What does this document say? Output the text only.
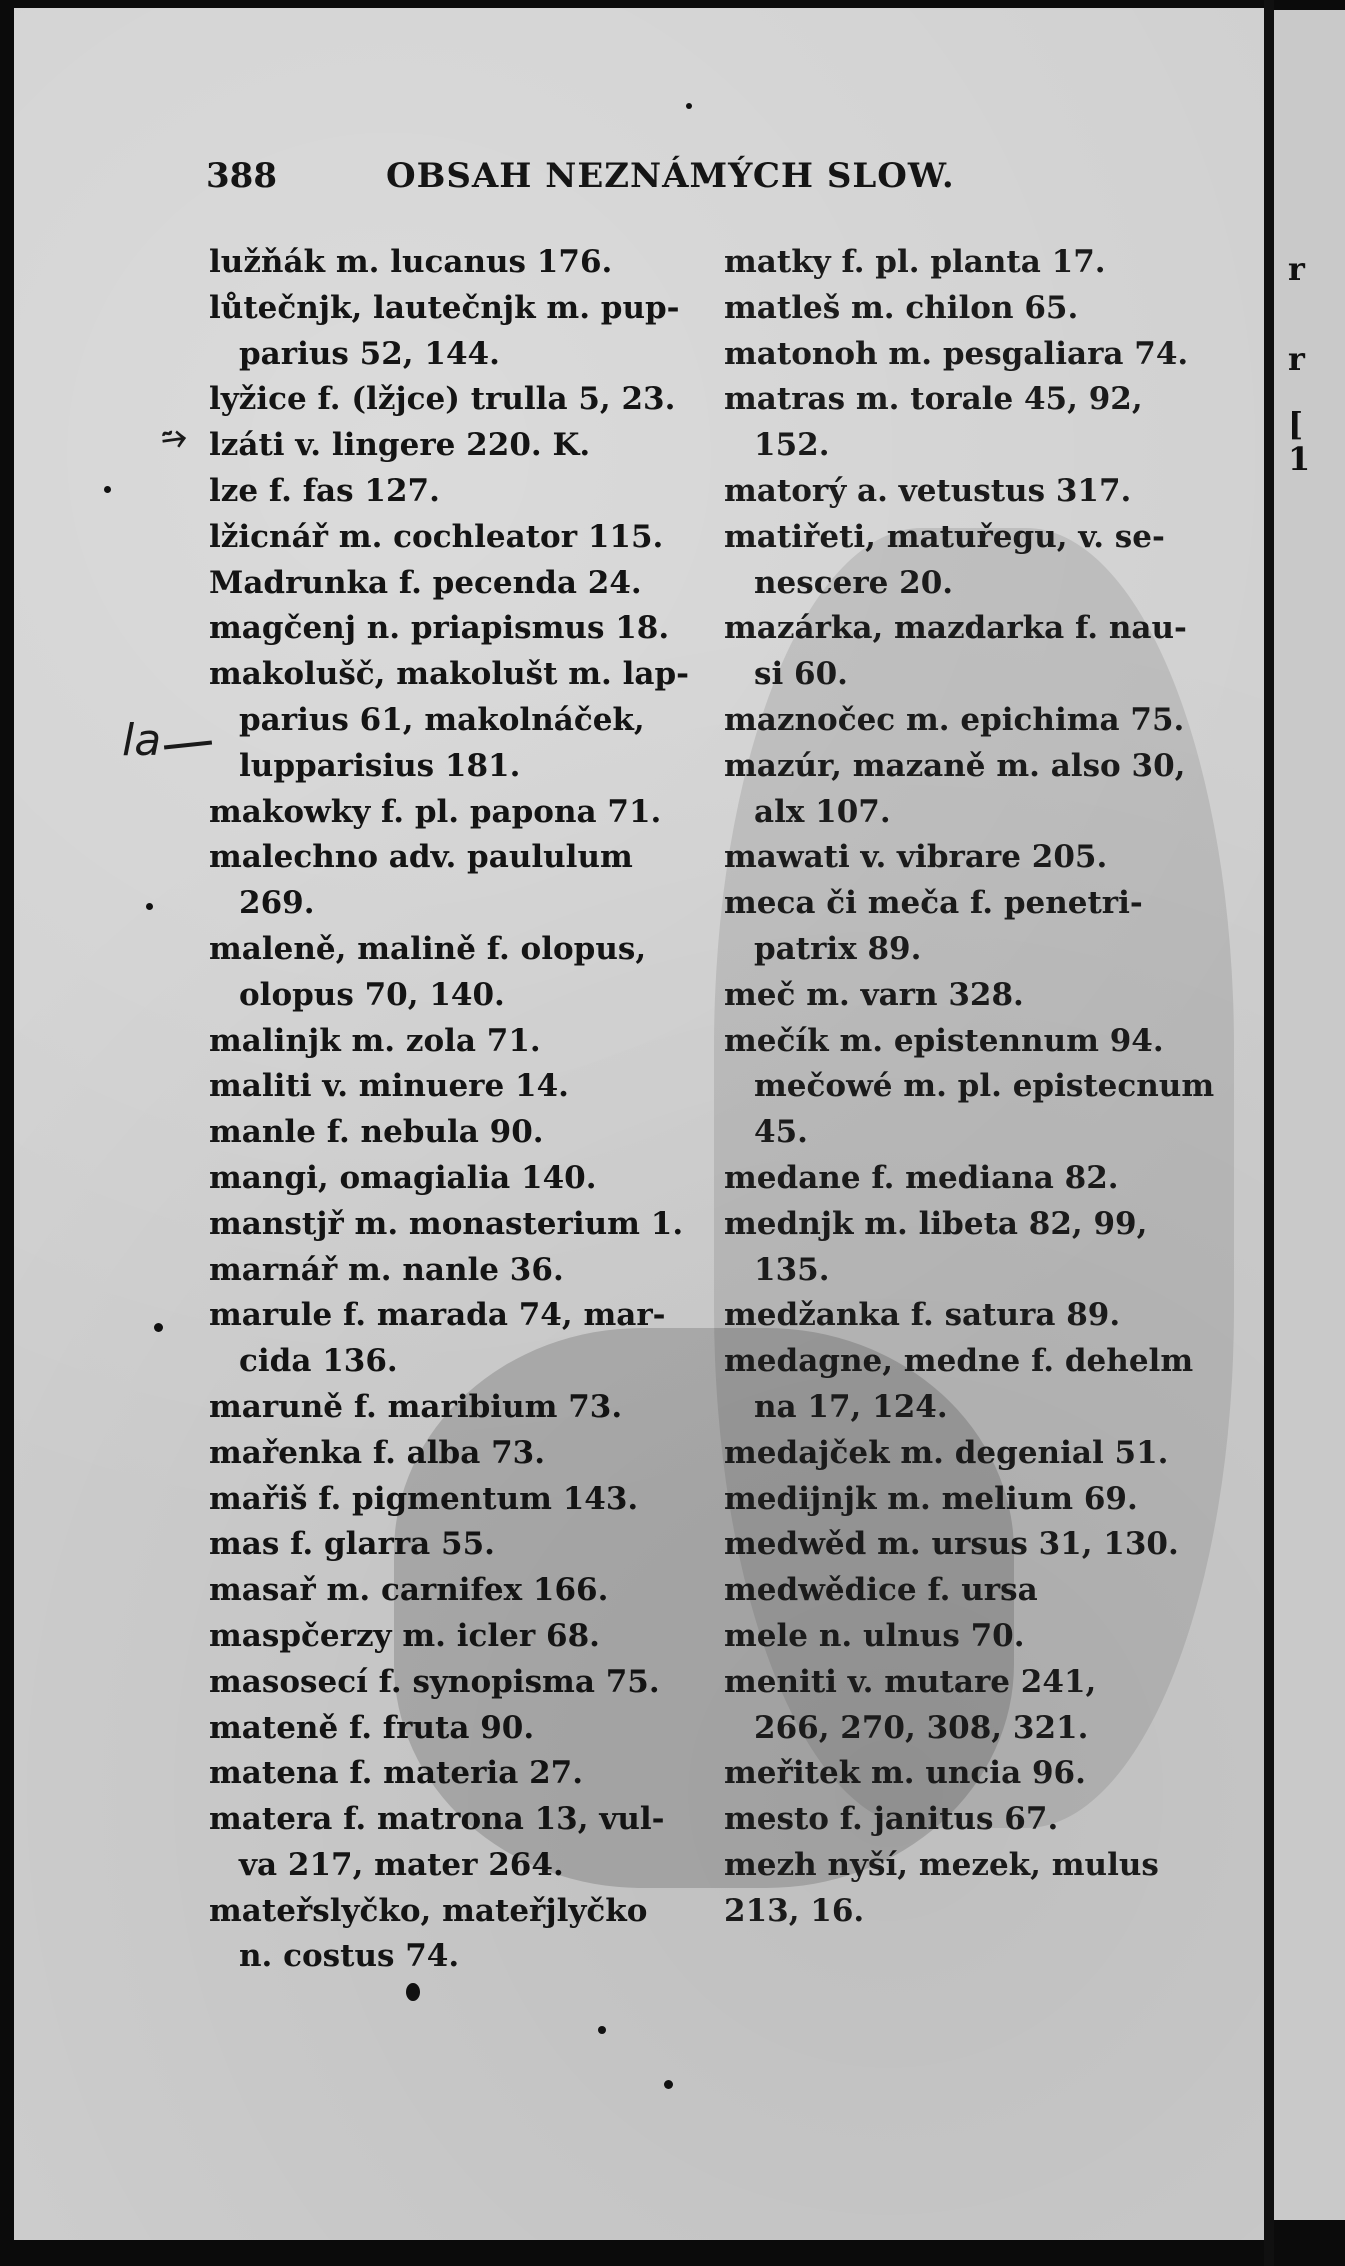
388	OBSAH NEZNÁMÝCH SLOW.
lužňák m. lucanus 176.
lůtečnjk, lautečnjk m. pup-
parius 52, 144.
lyžice f. (lžjce) trulla 5, 23.
lzáti v. lingere 220. K.
lze f. fas 127.
lžicnář m. cochleator 115.
Madrunka f. pecenda 24.
magčenj n. priapismus 18.
makolušč, makolušt m. lap-
parius 61, makolnáček,
lupparisius 181.
makowky f. pl. papona 71.
malechno adv. paululum
269.
maleně, malině f. olopus,
olopus 70, 140.
malinjk m. zola 71.
maliti v. minuere 14.
manle f. nebula 90.
mangi, omagialia 140.
manstjř m. monasterium 1.
marnář m. nanle 36.
marule f. marada 74, mar-
cida 136.
maruně f. maribium 73.
mařenka f. alba 73.
mařiš f. pigmentum 143.
mas f. glarra 55.
masař m. carnifex 166.
maspčerzy m. icler 68.
masosecí f. synopisma 75.
mateně f. fruta 90.
matena f. materia 27.
matera f. matrona 13, vul-
va 217, mater 264.
mateřslyčko, mateřjlyčko
n. costus 74.
matky f. pl. planta 17.
matleš m. chilon 65.
matonoh m. pesgaliara 74.
matras m. torale 45, 92,
152.
matorý a. vetustus 317.
matiřeti, matuřegu, v. se-
nescere 20.
mazárka, mazdarka f. nau-
si 60.
maznočec m. epichima 75.
mazúr, mazaně m. also 30,
alx 107.
mawati v. vibrare 205.
meca či meča f. penetri-
patrix 89.
meč m. varn 328.
mečík m. epistennum 94.
mečowé m. pl. epistecnum
45.
medane f. mediana 82.
mednjk m. libeta 82, 99,
135.
medžanka f. satura 89.
medagne, medne f. dehelm
na 17, 124.
medajček m. degenial 51.
medijnjk m. melium 69.
medwěd m. ursus 31, 130.
medwědice f. ursa
mele n. ulnus 70.
meniti v. mutare 241,
266, 270, 308, 321.
meřitek m. uncia 96.
mesto f. janitus 67.
mezh nyší, mezek, mulus
213, 16.
⥲
la
r
r
[
1
